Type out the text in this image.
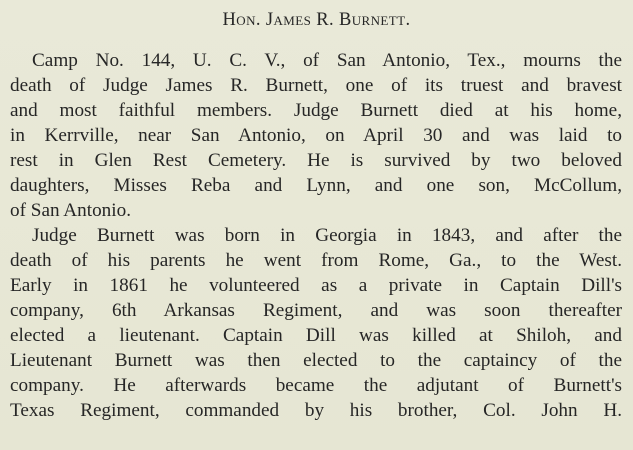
Hon. James R. Burnett.
Camp No. 144, U. C. V., of San Antonio, Tex., mourns the
death of Judge James R. Burnett, one of its truest and bravest
and most faithful members. Judge Burnett died at his home,
in Kerrville, near San Antonio, on April 30 and was laid to
rest in Glen Rest Cemetery. He is survived by two beloved
daughters, Misses Reba and Lynn, and one son, McCollum,
of San Antonio.
Judge Burnett was born in Georgia in 1843, and after the
death of his parents he went from Rome, Ga., to the West.
Early in 1861 he volunteered as a private in Captain Dill's
company, 6th Arkansas Regiment, and was soon thereafter
elected a lieutenant. Captain Dill was killed at Shiloh, and
Lieutenant Burnett was then elected to the captaincy of the
company. He afterwards became the adjutant of Burnett's
Texas Regiment, commanded by his brother, Col. John H.
